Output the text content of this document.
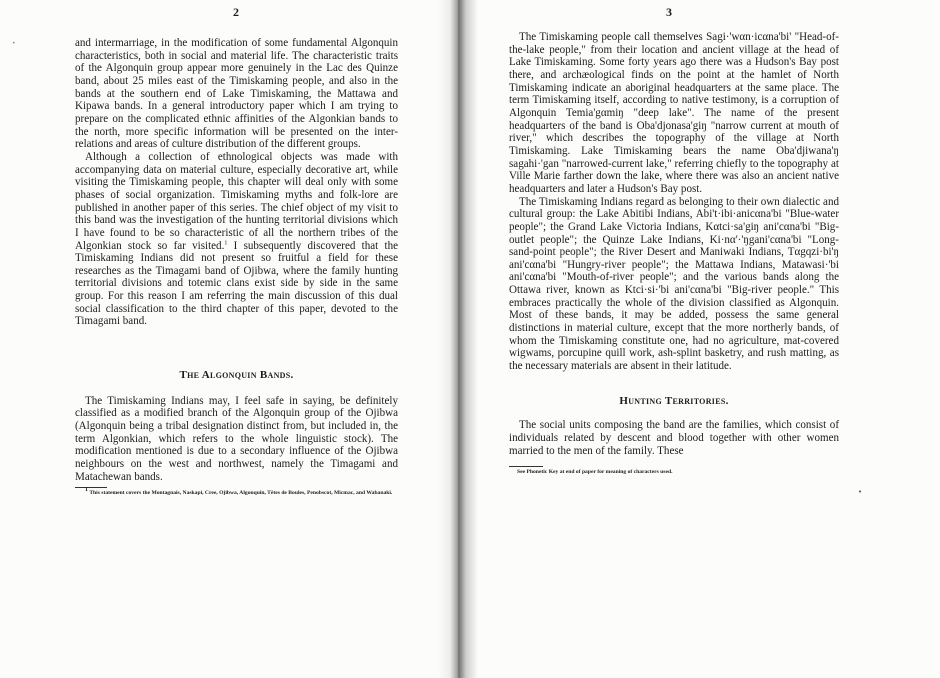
2

and intermarriage, in the modification of some fundamental Algonquin characteristics, both in social and material life. The characteristic traits of the Algonquin group appear more genuinely in the Lac des Quinze band, about 25 miles east of the Timiskaming people, and also in the bands at the southern end of Lake Timiskaming, the Mattawa and Kipawa bands. In a general introductory paper which I am trying to prepare on the complicated ethnic affinities of the Algonkian bands to the north, more specific information will be presented on the inter-relations and areas of culture distribution of the different groups.

Although a collection of ethnological objects was made with accompanying data on material culture, especially decorative art, while visiting the Timiskaming people, this chapter will deal only with some phases of social organization. Timiskaming myths and folk-lore are published in another paper of this series. The chief object of my visit to this band was the investigation of the hunting territorial divisions which I have found to be so characteristic of all the northern tribes of the Algonkian stock so far visited.$^1$ I subsequently discovered that the Timiskaming Indians did not present so fruitful a field for these researches as the Timagami band of Ojibwa, where the family hunting territorial divisions and totemic clans exist side by side in the same group. For this reason I am referring the main discussion of this dual social classification to the third chapter of this paper, devoted to the Timagami band.

The Algonquin Bands.

The Timiskaming Indians may, I feel safe in saying, be definitely classified as a modified branch of the Algonquin group of the Ojibwa (Algonquin being a tribal designation distinct from, but included in, the term Algonkian, which refers to the whole linguistic stock). The modification mentioned is due to a secondary influence of the Ojibwa neighbours on the west and northwest, namely the Timagami and Matachewan bands.

$^1$ This statement covers the Montagnais, Naskapi, Cree, Ojibwa, Algonquin, Têtes de Boules, Penobscot, Micmac, and Wabanaki.

3

The Timiskaming people call themselves Sagi·'wαn·icαna'bi' "Head-of-the-lake people," from their location and ancient village at the head of Lake Timiskaming. Some forty years ago there was a Hudson's Bay post there, and archæological finds on the point at the hamlet of North Timiskaming indicate an aboriginal headquarters at the same place. The term Timiskaming itself, according to native testimony, is a corruption of Algonquin Temia'gαmiŋ "deep lake". The name of the present headquarters of the band is Oba'djonasa'giŋ "narrow current at mouth of river," which describes the topography of the village at North Timiskaming. Lake Timiskaming bears the name Oba'djiwana'ŋ sagahi·'gan "narrowed-current lake," referring chiefly to the topography at Ville Marie farther down the lake, where there was also an ancient native headquarters and later a Hudson's Bay post.

The Timiskaming Indians regard as belonging to their own dialectic and cultural group: the Lake Abitibi Indians, Abi't·ibi·anicαna'bi "Blue-water people"; the Grand Lake Victoria Indians, Kαtci·sa'giŋ ani'cαna'bi "Big-outlet people"; the Quinze Lake Indians, Ki·nα'·'ŋgani'cαna'bi "Long-sand-point people"; the River Desert and Maniwaki Indians, Tαgqzi·bi'ŋ ani'cαna'bi "Hungry-river people"; the Mattawa Indians, Matawasi·'bi ani'cαna'bi "Mouth-of-river people"; and the various bands along the Ottawa river, known as Ktci·si·'bi ani'cαna'bi "Big-river people." This embraces practically the whole of the division classified as Algonquin. Most of these bands, it may be added, possess the same general distinctions in material culture, except that the more northerly bands, of whom the Timiskaming constitute one, had no agriculture, mat-covered wigwams, porcupine quill work, ash-splint basketry, and rush matting, as the necessary materials are absent in their latitude.

Hunting Territories.

The social units composing the band are the families, which consist of individuals related by descent and blood together with other women married to the men of the family. These

See Phonetic Key at end of paper for meaning of characters used.

•
•
